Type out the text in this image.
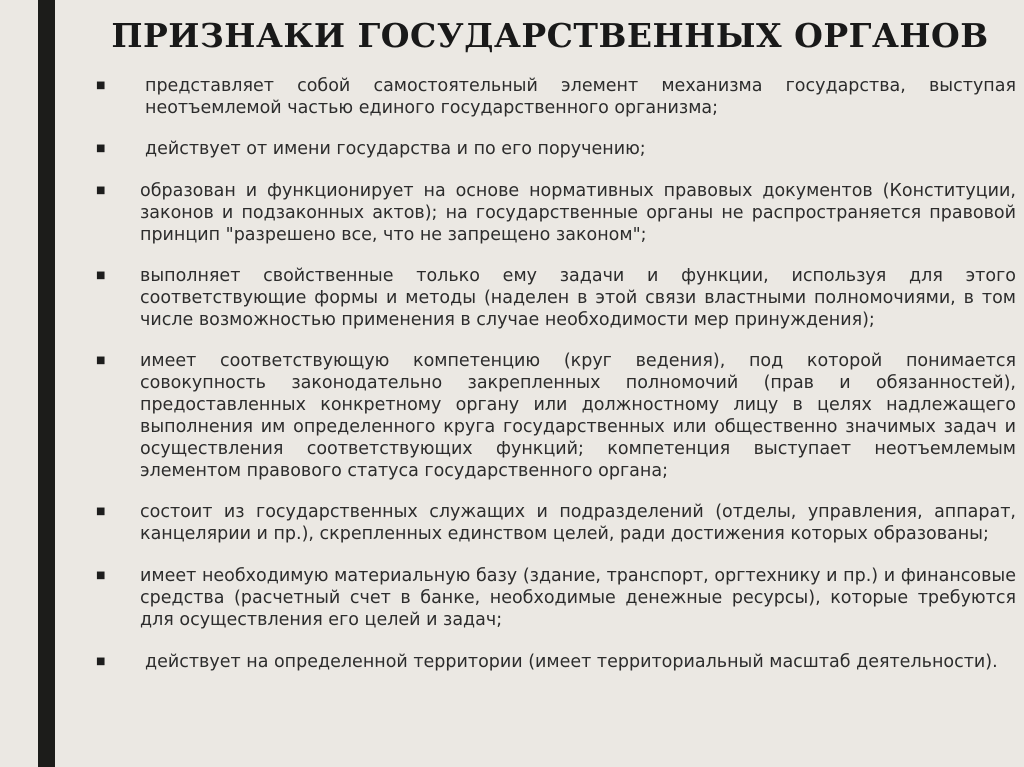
ПРИЗНАКИ ГОСУДАРСТВЕННЫХ ОРГАНОВ
■ представляет собой самостоятельный элемент механизма государства, выступая неотъемлемой частью единого государственного организма;
■ действует от имени государства и по его поручению;
■ образован и функционирует на основе нормативных правовых документов (Конституции, законов и подзаконных актов); на государственные органы не распространяется правовой принцип "разрешено все, что не запрещено законом";
■ выполняет свойственные только ему задачи и функции, используя для этого соответствующие формы и методы (наделен в этой связи властными полномочиями, в том числе возможностью применения в случае необходимости мер принуждения);
■ имеет соответствующую компетенцию (круг ведения), под которой понимается совокупность законодательно закрепленных полномочий (прав и обязанностей), предоставленных конкретному органу или должностному лицу в целях надлежащего выполнения им определенного круга государственных или общественно значимых задач и осуществления соответствующих функций; компетенция выступает неотъемлемым элементом правового статуса государственного органа;
■ состоит из государственных служащих и подразделений (отделы, управления, аппарат, канцелярии и пр.), скрепленных единством целей, ради достижения которых образованы;
■ имеет необходимую материальную базу (здание, транспорт, оргтехнику и пр.) и финансовые средства (расчетный счет в банке, необходимые денежные ресурсы), которые требуются для осуществления его целей и задач;
■ действует на определенной территории (имеет территориальный масштаб деятельности).
